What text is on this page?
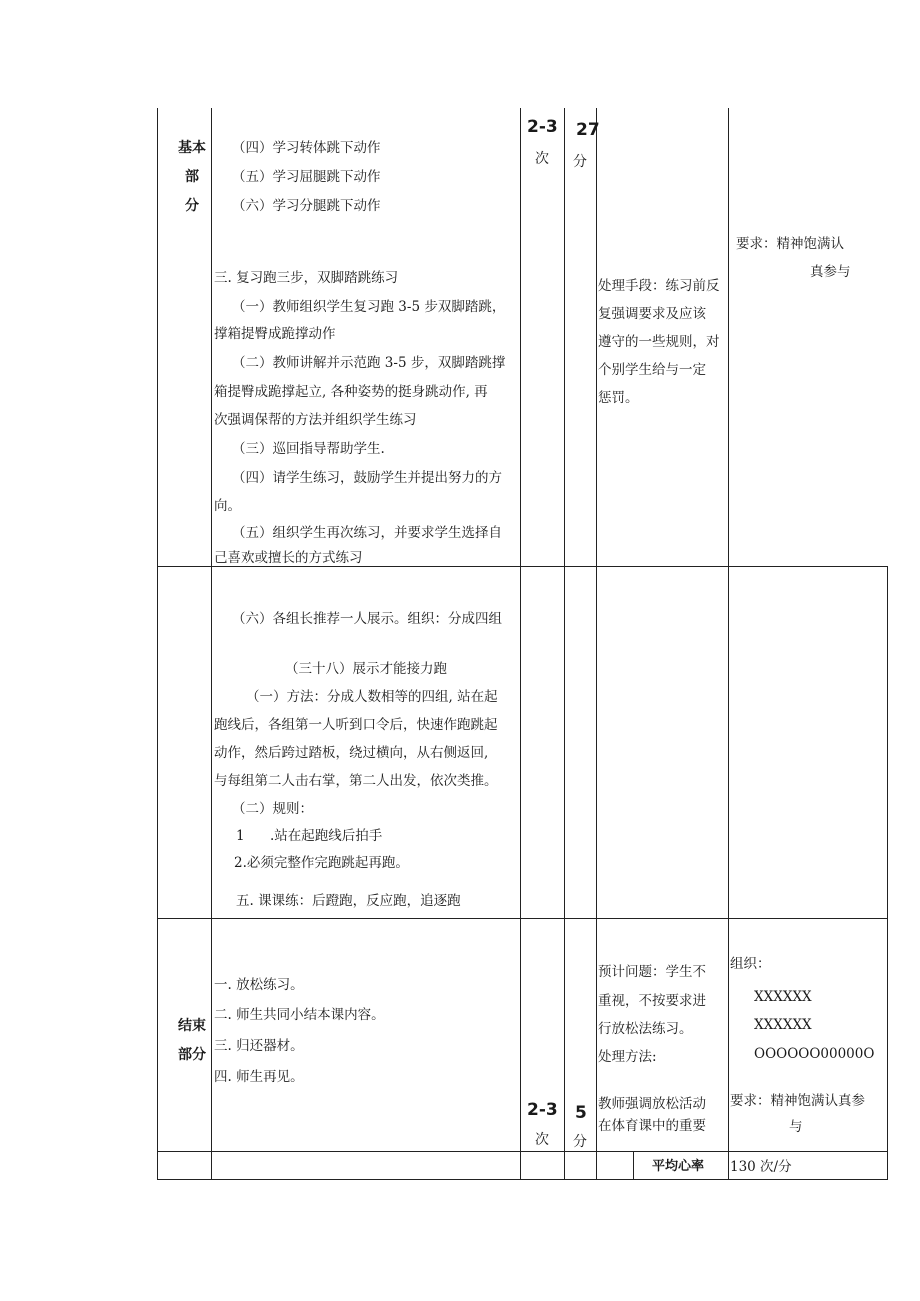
基本
部
分
（四）学习转体跳下动作
（五）学习屈腿跳下动作
（六）学习分腿跳下动作
三. 复习跑三步，双脚踏跳练习
（一）教师组织学生复习跑 3-5 步双脚踏跳，
撑箱提臀成跪撑动作
（二）教师讲解并示范跑 3-5 步，双脚踏跳撑
箱提臀成跪撑起立, 各种姿势的挺身跳动作, 再
次强调保帮的方法并组织学生练习
（三）巡回指导帮助学生.
（四）请学生练习，鼓励学生并提出努力的方
向。
（五）组织学生再次练习，并要求学生选择自
己喜欢或擅长的方式练习
2-3
次
27
分
处理手段：练习前反
复强调要求及应该
遵守的一些规则，对
个别学生给与一定
惩罚。
要求：精神饱满认
真参与
（六）各组长推荐一人展示。组织：分成四组
（三十八）展示才能接力跑
（一）方法：分成人数相等的四组, 站在起
跑线后，各组第一人听到口令后，快速作跑跳起
动作，然后跨过踏板，绕过横向，从右侧返回,
与每组第二人击右掌，第二人出发，依次类推。
（二）规则：
1 .站在起跑线后拍手
2.必须完整作完跑跳起再跑。
五. 课课练：后蹬跑，反应跑，追逐跑
结束
部分
一. 放松练习。
二. 师生共同小结本课内容。
三. 归还器材。
四. 师生再见。
2-3
次
5
分
预计问题：学生不
重视，不按要求进
行放松法练习。
处理方法:
教师强调放松活动
在体育课中的重要
组织：
XXXXXX
XXXXXX
OOOOOO00000O
要求：精神饱满认真参
与
平均心率 130 次/分
